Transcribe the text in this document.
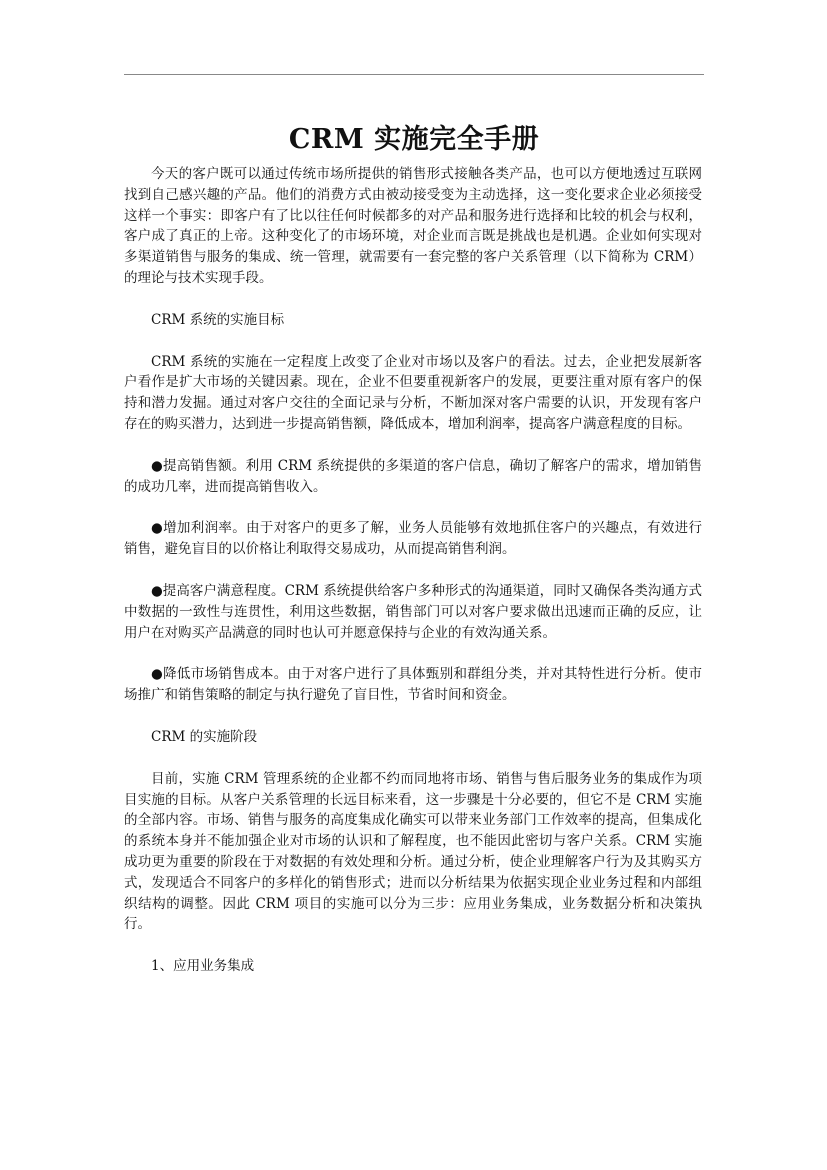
CRM 实施完全手册

今天的客户既可以通过传统市场所提供的销售形式接触各类产品，也可以方便地透过互联网找到自己感兴趣的产品。他们的消费方式由被动接受变为主动选择，这一变化要求企业必须接受这样一个事实：即客户有了比以往任何时候都多的对产品和服务进行选择和比较的机会与权利，客户成了真正的上帝。这种变化了的市场环境，对企业而言既是挑战也是机遇。企业如何实现对多渠道销售与服务的集成、统一管理，就需要有一套完整的客户关系管理（以下简称为 CRM）的理论与技术实现手段。

CRM 系统的实施目标

CRM 系统的实施在一定程度上改变了企业对市场以及客户的看法。过去，企业把发展新客户看作是扩大市场的关键因素。现在，企业不但要重视新客户的发展，更要注重对原有客户的保持和潜力发掘。通过对客户交往的全面记录与分析，不断加深对客户需要的认识，开发现有客户存在的购买潜力，达到进一步提高销售额，降低成本，增加利润率，提高客户满意程度的目标。

●提高销售额。利用 CRM 系统提供的多渠道的客户信息，确切了解客户的需求，增加销售的成功几率，进而提高销售收入。

●增加利润率。由于对客户的更多了解，业务人员能够有效地抓住客户的兴趣点，有效进行销售，避免盲目的以价格让利取得交易成功，从而提高销售利润。

●提高客户满意程度。CRM 系统提供给客户多种形式的沟通渠道，同时又确保各类沟通方式中数据的一致性与连贯性，利用这些数据，销售部门可以对客户要求做出迅速而正确的反应，让用户在对购买产品满意的同时也认可并愿意保持与企业的有效沟通关系。

●降低市场销售成本。由于对客户进行了具体甄别和群组分类，并对其特性进行分析。使市场推广和销售策略的制定与执行避免了盲目性，节省时间和资金。

CRM 的实施阶段

目前，实施 CRM 管理系统的企业都不约而同地将市场、销售与售后服务业务的集成作为项目实施的目标。从客户关系管理的长远目标来看，这一步骤是十分必要的，但它不是 CRM 实施的全部内容。市场、销售与服务的高度集成化确实可以带来业务部门工作效率的提高，但集成化的系统本身并不能加强企业对市场的认识和了解程度，也不能因此密切与客户关系。CRM 实施成功更为重要的阶段在于对数据的有效处理和分析。通过分析，使企业理解客户行为及其购买方式，发现适合不同客户的多样化的销售形式；进而以分析结果为依据实现企业业务过程和内部组织结构的调整。因此 CRM 项目的实施可以分为三步：应用业务集成，业务数据分析和决策执行。

1、应用业务集成
